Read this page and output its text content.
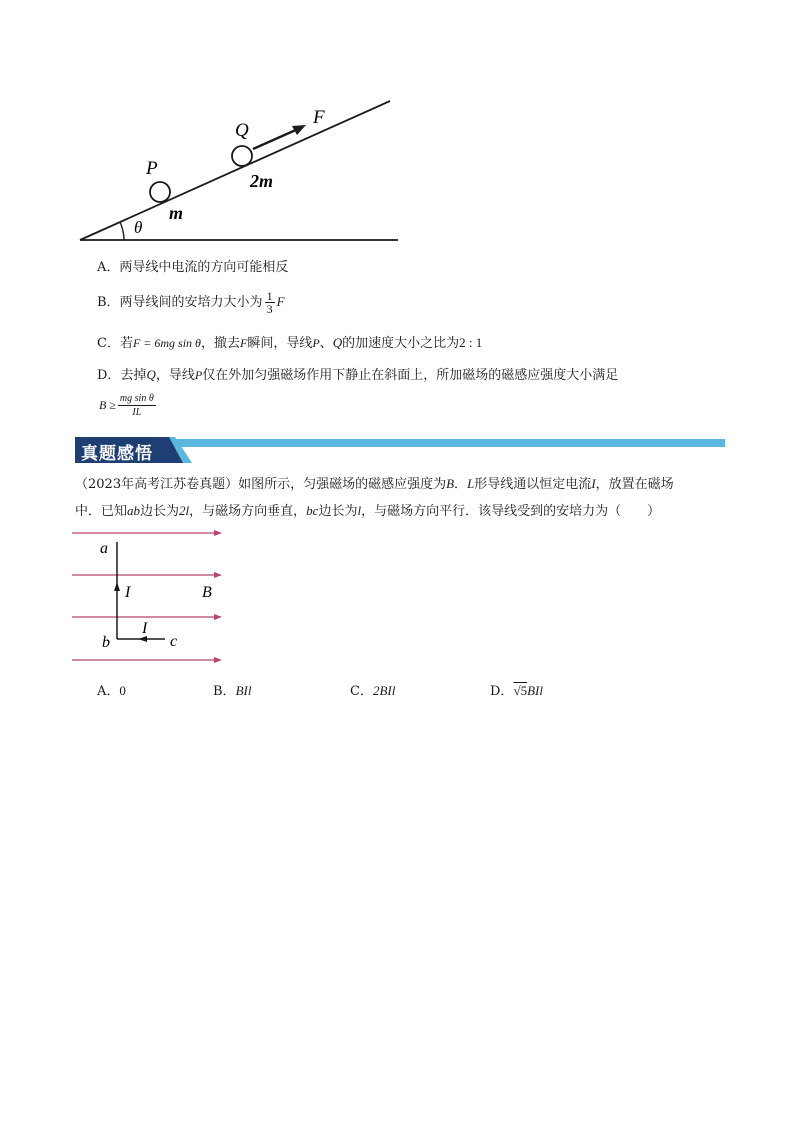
Q
F
P
2m
m
θ
A．两导线中电流的方向可能相反
B．两导线间的安培力大小为 $\frac{1}{3}$ F
C．若F = 6mg sin θ，撤去F瞬间，导线P、Q的加速度大小之比为2 : 1
D．去掉Q，导线P仅在外加匀强磁场作用下静止在斜面上，所加磁场的磁感应强度大小满足
$B \ge \frac{\text{mg sin θ}}{IL}$
真题感悟
（2023年高考江苏卷真题）如图所示，匀强磁场的磁感应强度为B．L形导线通以恒定电流I，放置在磁场
中．已知ab边长为2l，与磁场方向垂直，bc边长为l，与磁场方向平行．该导线受到的安培力为（　　）
a
I	B
I
b	c
A．0	B．BIl	C．2BIl	D．√5BIl
